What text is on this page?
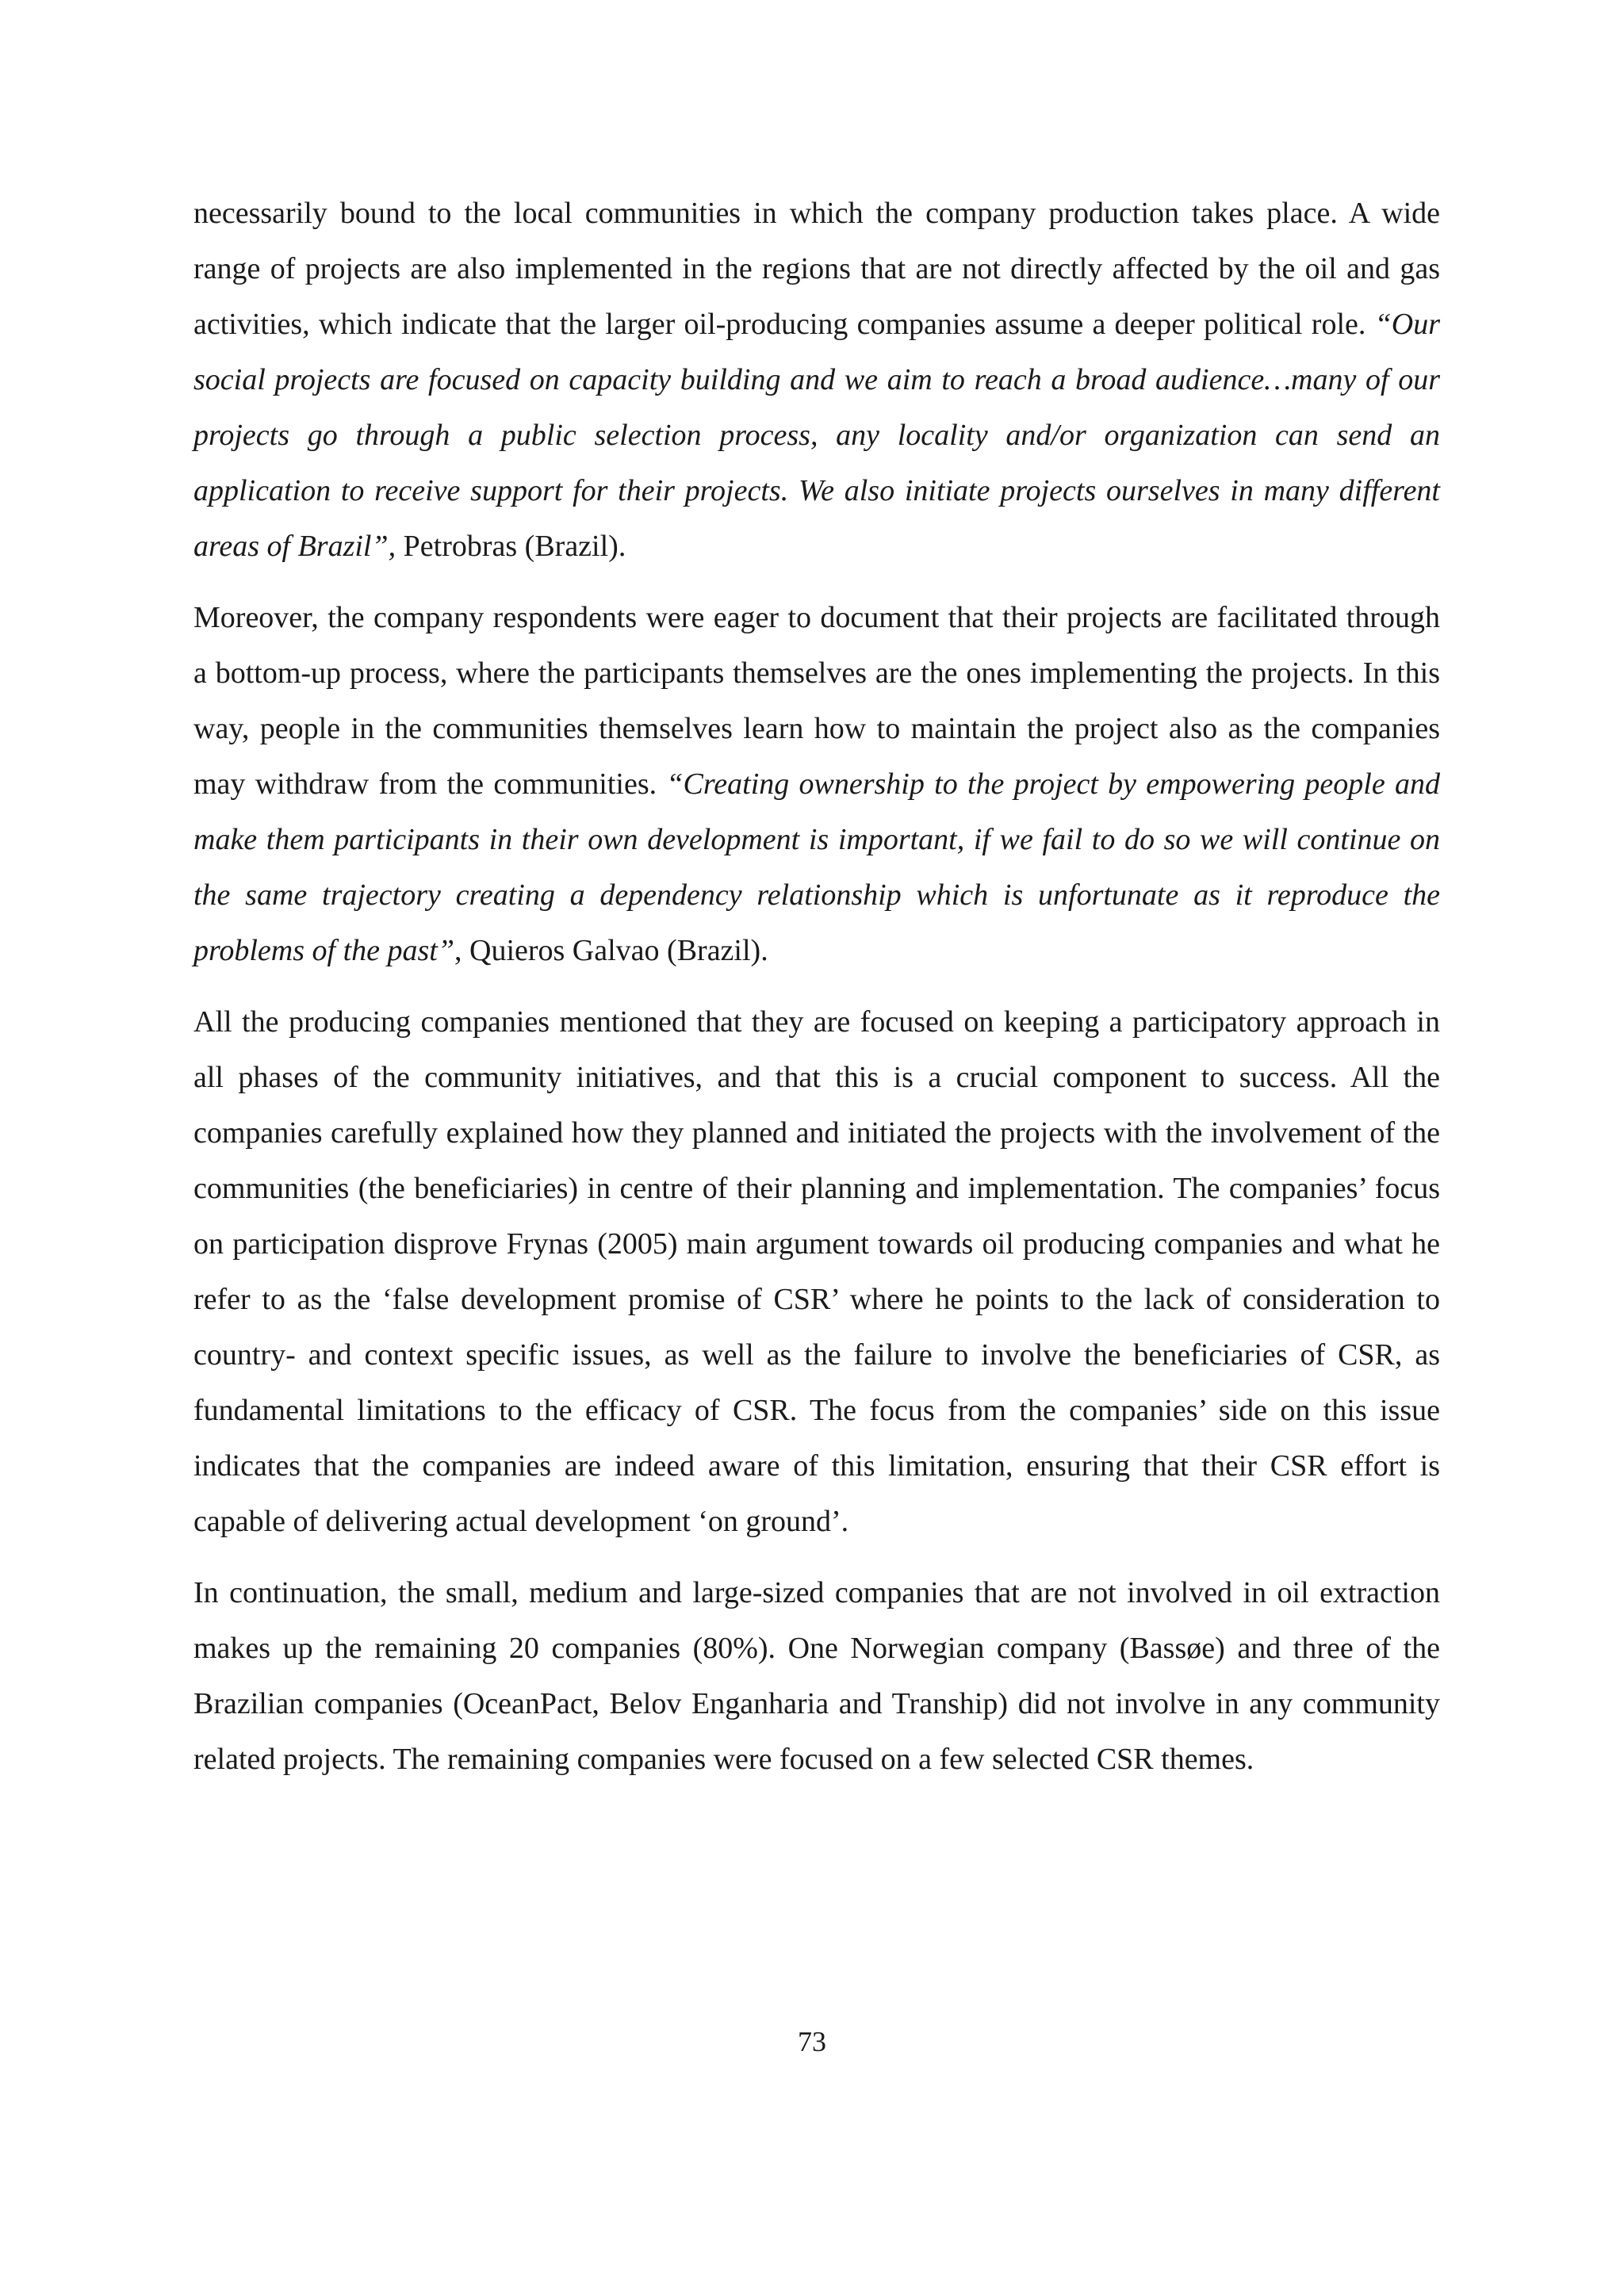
necessarily bound to the local communities in which the company production takes place. A wide range of projects are also implemented in the regions that are not directly affected by the oil and gas activities, which indicate that the larger oil-producing companies assume a deeper political role. “Our social projects are focused on capacity building and we aim to reach a broad audience…many of our projects go through a public selection process, any locality and/or organization can send an application to receive support for their projects. We also initiate projects ourselves in many different areas of Brazil”, Petrobras (Brazil).

Moreover, the company respondents were eager to document that their projects are facilitated through a bottom-up process, where the participants themselves are the ones implementing the projects. In this way, people in the communities themselves learn how to maintain the project also as the companies may withdraw from the communities. “Creating ownership to the project by empowering people and make them participants in their own development is important, if we fail to do so we will continue on the same trajectory creating a dependency relationship which is unfortunate as it reproduce the problems of the past”, Quieros Galvao (Brazil).

All the producing companies mentioned that they are focused on keeping a participatory approach in all phases of the community initiatives, and that this is a crucial component to success. All the companies carefully explained how they planned and initiated the projects with the involvement of the communities (the beneficiaries) in centre of their planning and implementation. The companies’ focus on participation disprove Frynas (2005) main argument towards oil producing companies and what he refer to as the ‘false development promise of CSR’ where he points to the lack of consideration to country- and context specific issues, as well as the failure to involve the beneficiaries of CSR, as fundamental limitations to the efficacy of CSR. The focus from the companies’ side on this issue indicates that the companies are indeed aware of this limitation, ensuring that their CSR effort is capable of delivering actual development ‘on ground’.

In continuation, the small, medium and large-sized companies that are not involved in oil extraction makes up the remaining 20 companies (80%). One Norwegian company (Bassøe) and three of the Brazilian companies (OceanPact, Belov Enganharia and Tranship) did not involve in any community related projects. The remaining companies were focused on a few selected CSR themes.

73
